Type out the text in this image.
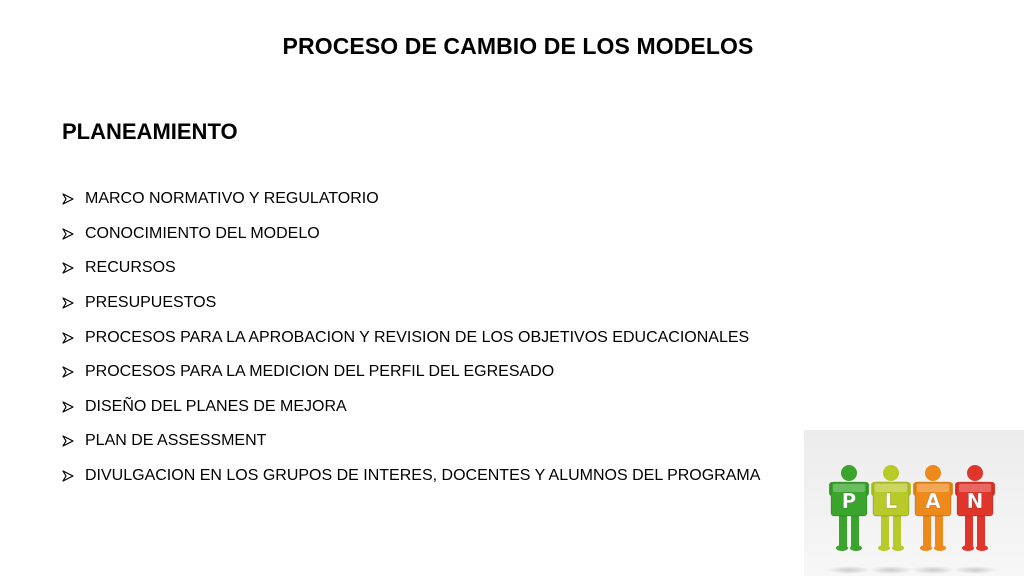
PROCESO DE CAMBIO DE LOS MODELOS
PLANEAMIENTO
MARCO NORMATIVO Y REGULATORIO
CONOCIMIENTO DEL MODELO
RECURSOS
PRESUPUESTOS
PROCESOS PARA LA APROBACION Y REVISION DE LOS OBJETIVOS EDUCACIONALES
PROCESOS PARA LA MEDICION DEL PERFIL DEL EGRESADO
DISEÑO DEL PLANES DE MEJORA
PLAN DE ASSESSMENT
DIVULGACION EN LOS GRUPOS DE INTERES, DOCENTES Y ALUMNOS DEL PROGRAMA
P L A N
